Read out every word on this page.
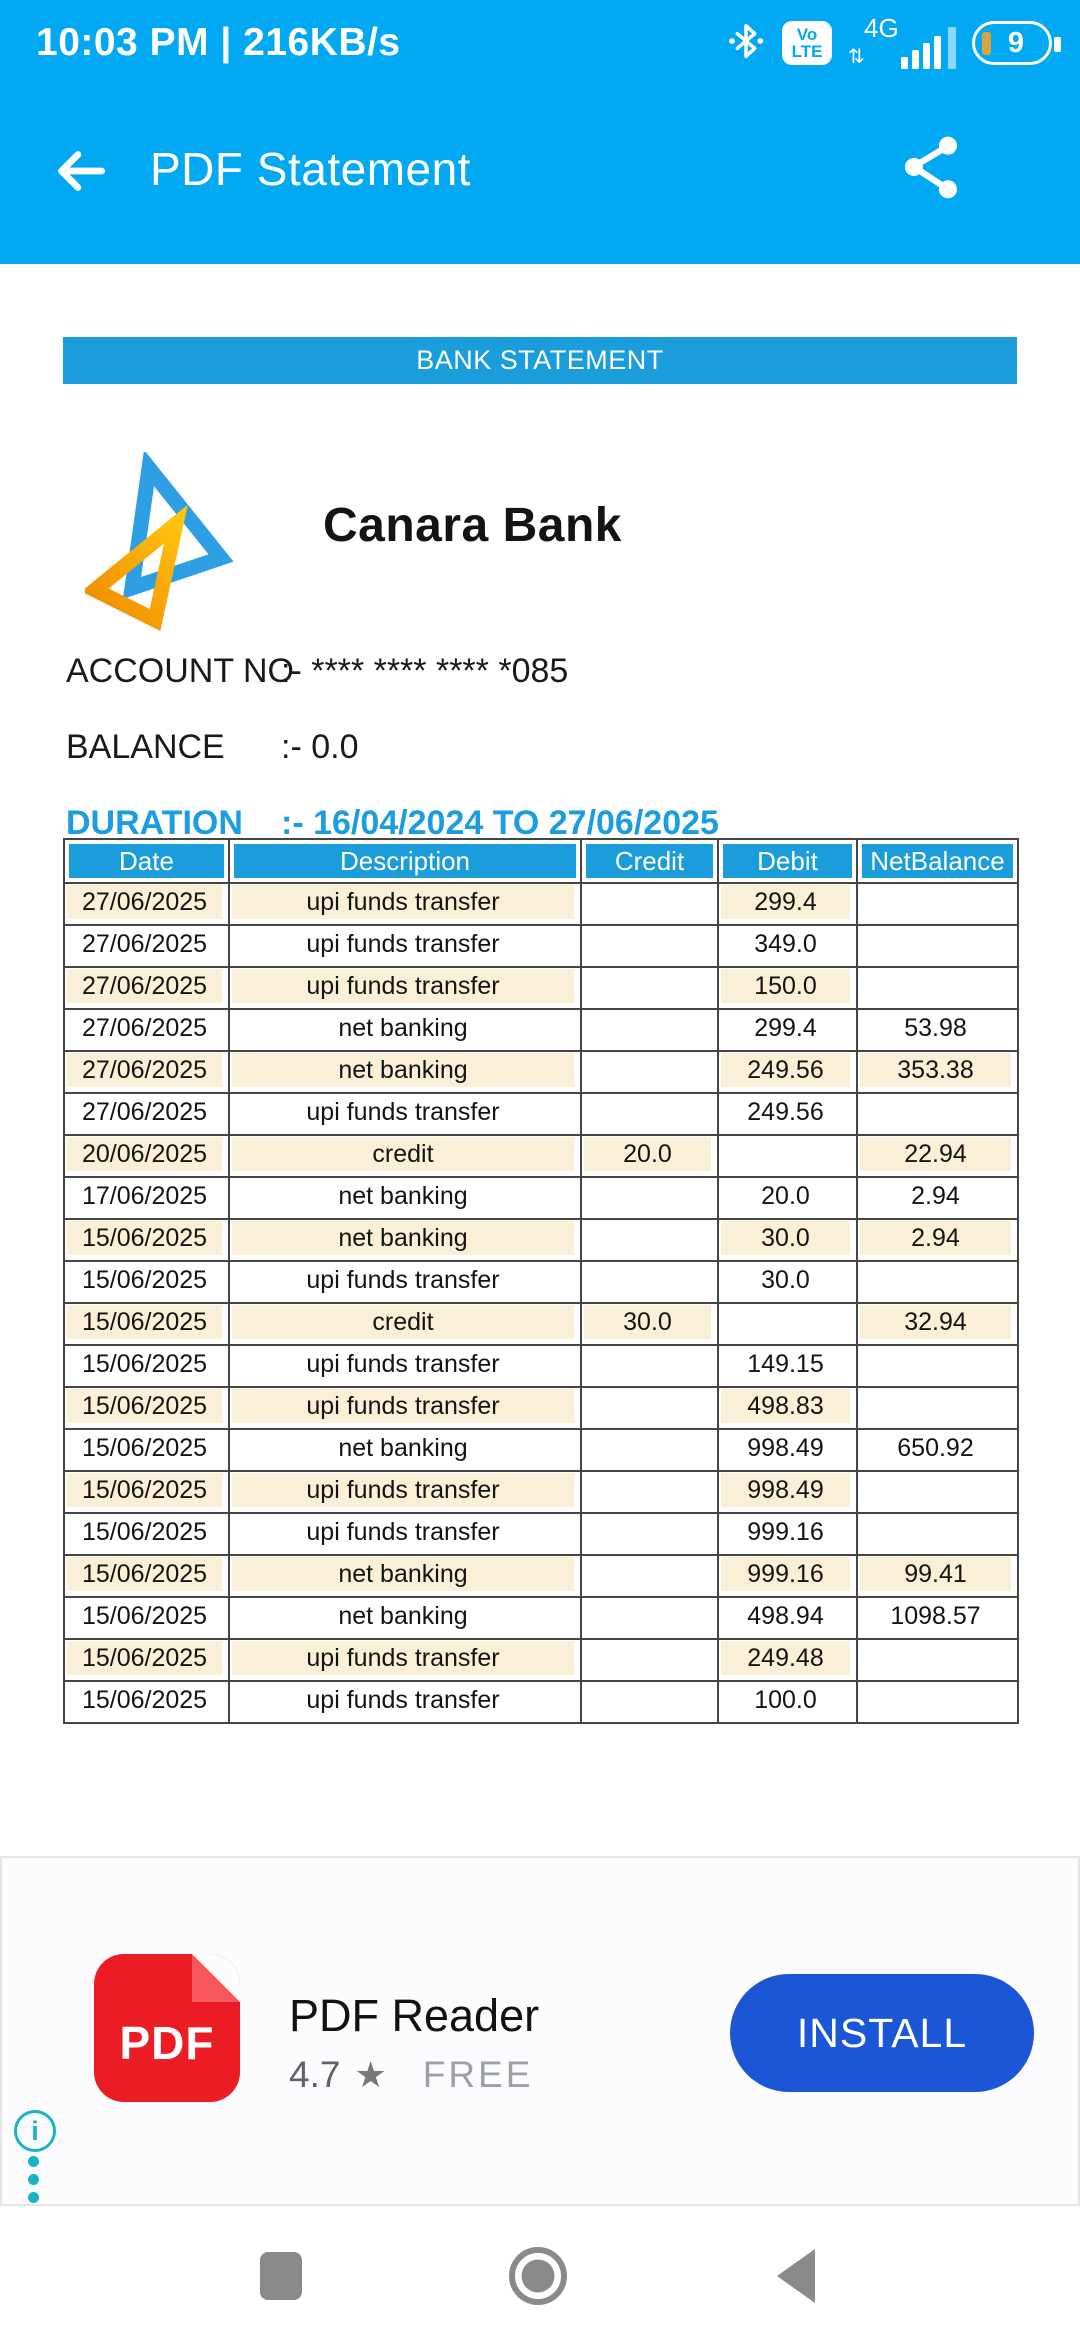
10:03 PM | 216KB/s	Vo
LTE
4G
⇅	9
PDF Statement
BANK STATEMENT
Canara Bank
ACCOUNT NO
:- **** **** **** *085
BALANCE :- 0.0
DURATION :- 16/04/2024 TO 27/06/2025
Date	Description	Credit	Debit	NetBalance

27/06/2025	upi funds transfer		299.4	

27/06/2025	upi funds transfer		349.0	

27/06/2025	upi funds transfer		150.0	

27/06/2025	net banking		299.4	53.98

27/06/2025	net banking		249.56	353.38

27/06/2025	upi funds transfer		249.56	

20/06/2025	credit	20.0		22.94

17/06/2025	net banking		20.0	2.94

15/06/2025	net banking		30.0	2.94

15/06/2025	upi funds transfer		30.0	

15/06/2025	credit	30.0		32.94

15/06/2025	upi funds transfer		149.15	

15/06/2025	upi funds transfer		498.83	

15/06/2025	net banking		998.49	650.92

15/06/2025	upi funds transfer		998.49	

15/06/2025	upi funds transfer		999.16	

15/06/2025	net banking		999.16	99.41

15/06/2025	net banking		498.94	1098.57

15/06/2025	upi funds transfer		249.48	

15/06/2025	upi funds transfer		100.0	

PDF
PDF Reader
4.7 ★ FREE
INSTALL
i
